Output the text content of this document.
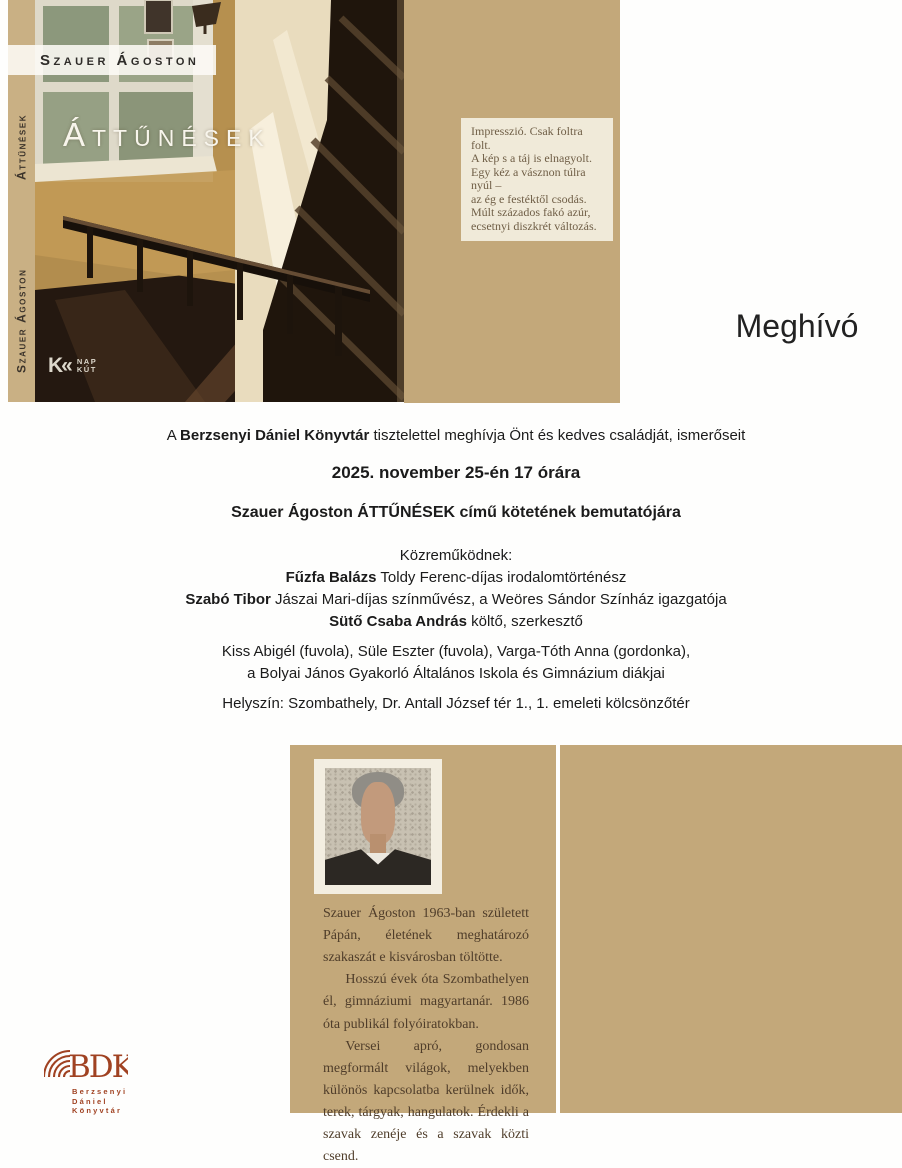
Áttűnések
Szauer Ágoston
Szauer Ágoston
Áttűnések
K« NAP
KÚT
Impresszió. Csak foltra folt.
A kép s a táj is elnagyolt.
Egy kéz a vásznon túlra nyúl –
az ég e festéktől csodás.
Múlt százados fakó azúr,
ecsetnyi diszkrét változás.
Meghívó
A Berzsenyi Dániel Könyvtár tisztelettel meghívja Önt és kedves családját, ismerőseit
2025. november 25-én 17 órára
Szauer Ágoston ÁTTŰNÉSEK című kötetének bemutatójára
Közreműködnek:
Fűzfa Balázs Toldy Ferenc-díjas irodalomtörténész
Szabó Tibor Jászai Mari-díjas színművész, a Weöres Sándor Színház igazgatója
Sütő Csaba András költő, szerkesztő
Kiss Abigél (fuvola), Süle Eszter (fuvola), Varga-Tóth Anna (gordonka),
a Bolyai János Gyakorló Általános Iskola és Gimnázium diákjai
Helyszín: Szombathely, Dr. Antall József tér 1., 1. emeleti kölcsönzőtér

Szauer Ágoston 1963-ban született Pápán, életének meghatározó szakaszát e kisvárosban töltötte.

Hosszú évek óta Szombathelyen él, gimnáziumi magyartanár. 1986 óta publikál folyóiratokban.

Versei apró, gondosan megformált világok, melyekben különös kapcsolatba kerülnek idők, terek, tárgyak, hangulatok. Érdekli a szavak zenéje és a szavak közti csend.

BDK
Berzsenyi
Dániel
Könyvtár
